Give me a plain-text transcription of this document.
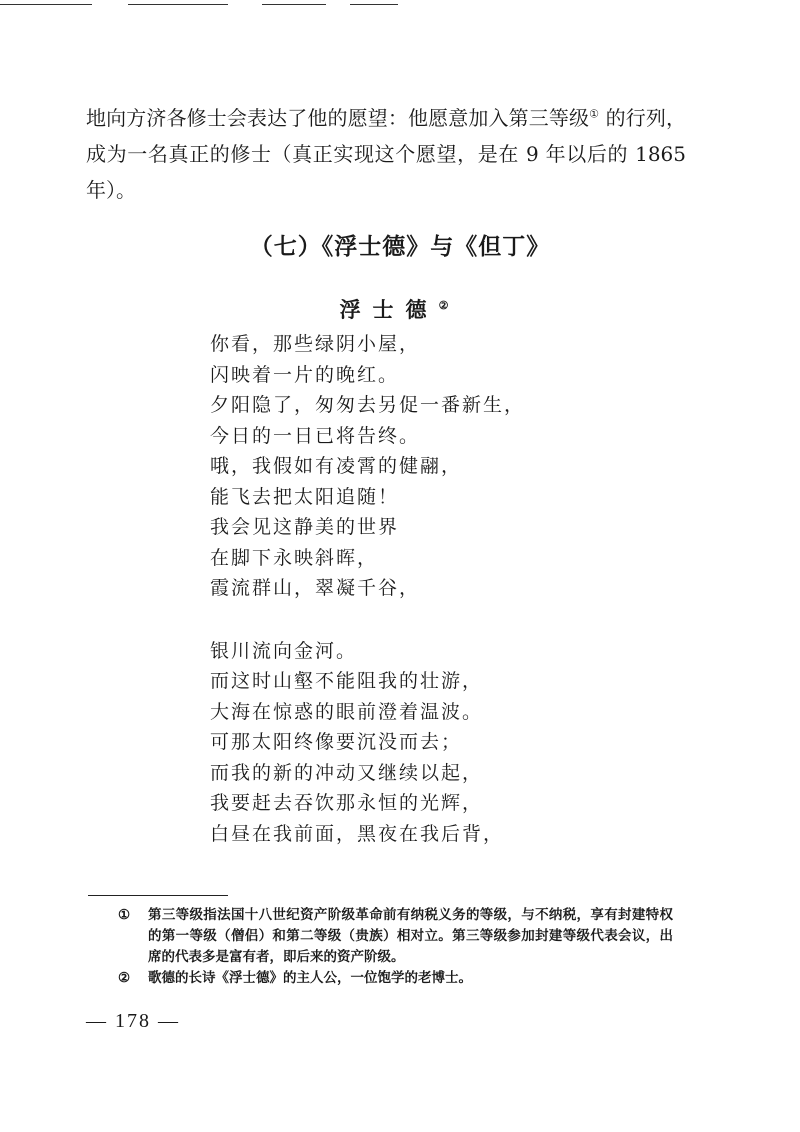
地向方济各修士会表达了他的愿望：他愿意加入第三等级① 的行列，成为一名真正的修士（真正实现这个愿望，是在 9 年以后的 1865 年）。

（七）《浮士德》与《但丁》
浮士德②
你看，那些绿阴小屋，
闪映着一片的晚红。
夕阳隐了，匆匆去另促一番新生，
今日的一日已将告终。
哦，我假如有凌霄的健翮，
能飞去把太阳追随！
我会见这静美的世界
在脚下永映斜晖，
霞流群山，翠凝千谷，
银川流向金河。
而这时山壑不能阻我的壮游，
大海在惊惑的眼前澄着温波。
可那太阳终像要沉没而去；
而我的新的冲动又继续以起，
我要赶去吞饮那永恒的光辉，
白昼在我前面，黑夜在我后背，

① 第三等级指法国十八世纪资产阶级革命前有纳税义务的等级，与不纳税，享有封建特权的第一等级（僧侣）和第二等级（贵族）相对立。第三等级参加封建等级代表会议，出席的代表多是富有者，即后来的资产阶级。

② 歌德的长诗《浮士德》的主人公，一位饱学的老博士。

— 178 —
